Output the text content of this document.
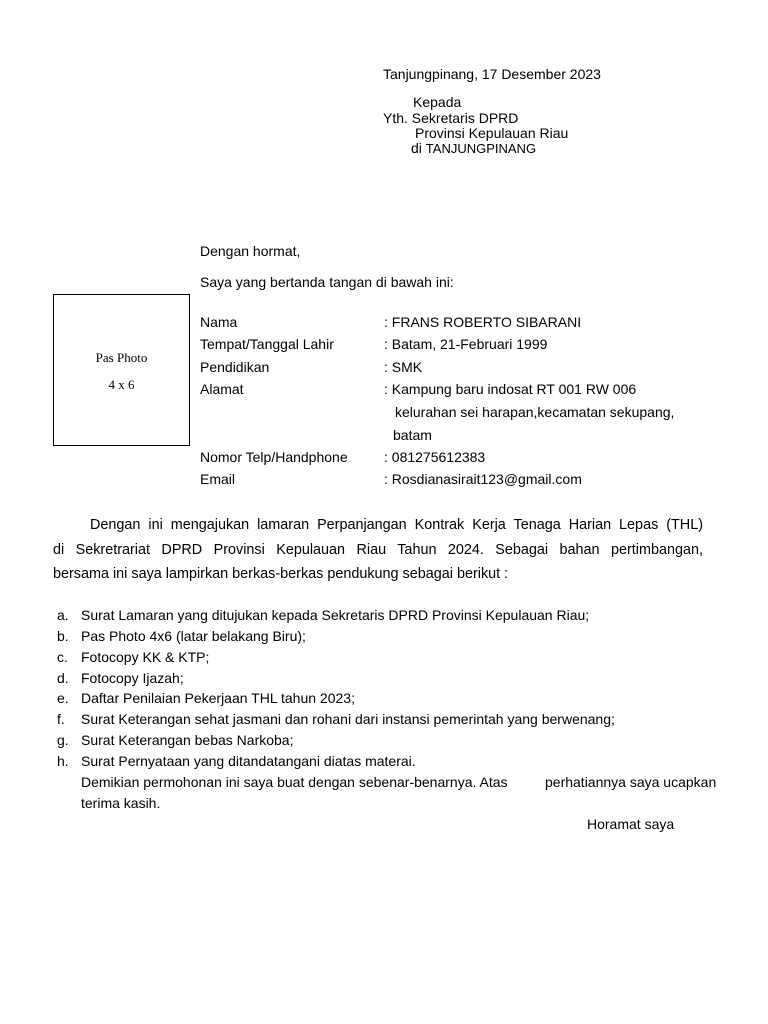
Tanjungpinang, 17 Desember 2023
Kepada
Yth. Sekretaris DPRD
Provinsi Kepulauan Riau
di TANJUNGPINANG
Dengan hormat,
Saya yang bertanda tangan di bawah ini:
Pas Photo
4 x 6
Nama	: FRANS ROBERTO SIBARANI
Tempat/Tanggal Lahir	: Batam, 21-Februari 1999
Pendidikan	: SMK
Alamat	: Kampung baru indosat RT 001 RW 006
kelurahan sei harapan,kecamatan sekupang,
batam
Nomor Telp/Handphone	: 081275612383
Email	: Rosdianasirait123@gmail.com
Dengan ini mengajukan lamaran Perpanjangan Kontrak Kerja Tenaga Harian Lepas (THL)
di Sekretrariat DPRD Provinsi Kepulauan Riau Tahun 2024. Sebagai bahan pertimbangan,
bersama ini saya lampirkan berkas-berkas pendukung sebagai berikut :
a. Surat Lamaran yang ditujukan kepada Sekretaris DPRD Provinsi Kepulauan Riau;
b. Pas Photo 4x6 (latar belakang Biru);
c. Fotocopy KK & KTP;
d. Fotocopy Ijazah;
e. Daftar Penilaian Pekerjaan THL tahun 2023;
f. Surat Keterangan sehat jasmani dan rohani dari instansi pemerintah yang berwenang;
g. Surat Keterangan bebas Narkoba;
h. Surat Pernyataan yang ditandatangani diatas materai.
Demikian permohonan ini saya buat dengan sebenar-benarnya. Atas	perhatiannya saya ucapkan
terima kasih.
Horamat saya
